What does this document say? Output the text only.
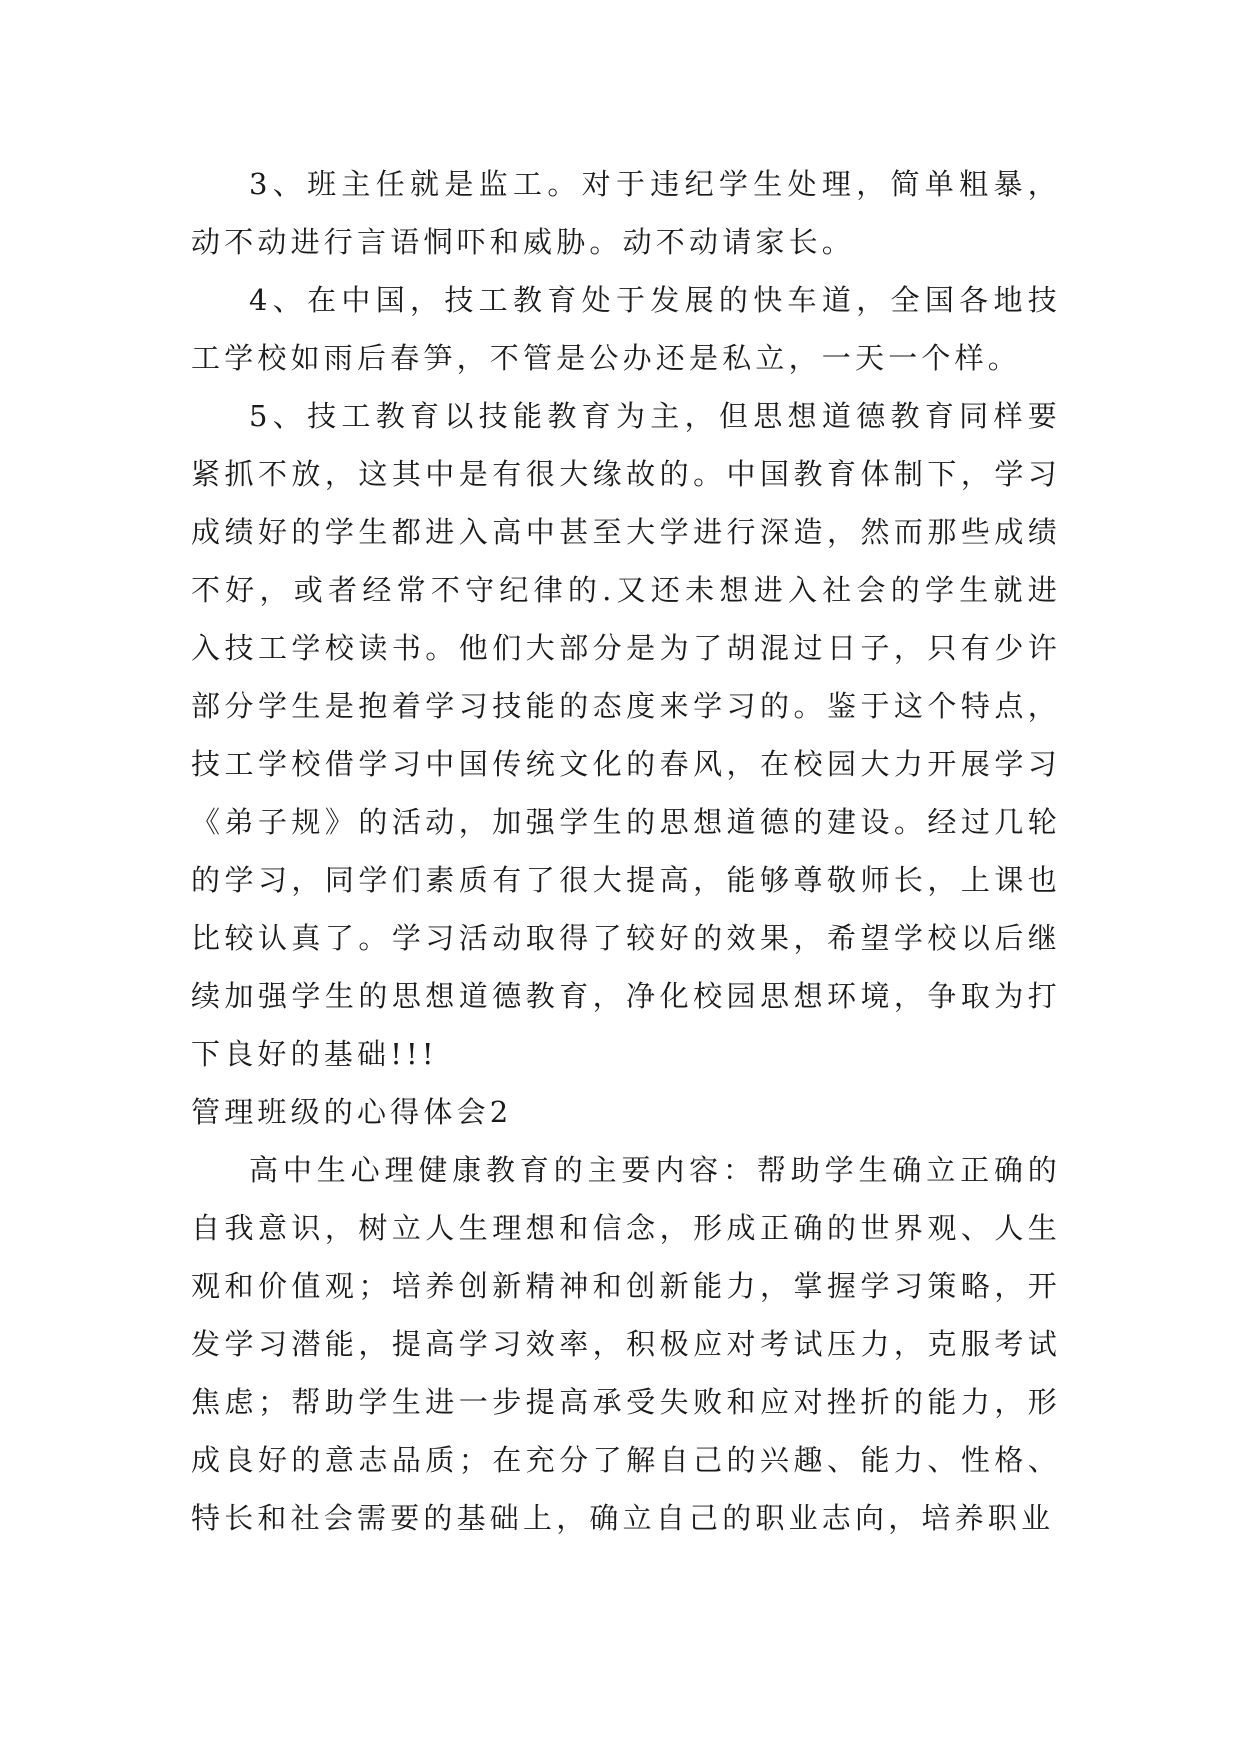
3、班主任就是监工。对于违纪学生处理，简单粗暴，动不动进行言语恫吓和威胁。动不动请家长。

4、在中国，技工教育处于发展的快车道，全国各地技工学校如雨后春笋，不管是公办还是私立，一天一个样。

5、技工教育以技能教育为主，但思想道德教育同样要紧抓不放，这其中是有很大缘故的。中国教育体制下，学习成绩好的学生都进入高中甚至大学进行深造，然而那些成绩不好，或者经常不守纪律的.又还未想进入社会的学生就进入技工学校读书。他们大部分是为了胡混过日子，只有少许部分学生是抱着学习技能的态度来学习的。鉴于这个特点，技工学校借学习中国传统文化的春风，在校园大力开展学习《弟子规》的活动，加强学生的思想道德的建设。经过几轮的学习，同学们素质有了很大提高，能够尊敬师长，上课也比较认真了。学习活动取得了较好的效果，希望学校以后继续加强学生的思想道德教育，净化校园思想环境，争取为打下良好的基础!!!

管理班级的心得体会2

高中生心理健康教育的主要内容：帮助学生确立正确的自我意识，树立人生理想和信念，形成正确的世界观、人生观和价值观；培养创新精神和创新能力，掌握学习策略，开发学习潜能，提高学习效率，积极应对考试压力，克服考试焦虑；帮助学生进一步提高承受失败和应对挫折的能力，形成良好的意志品质；在充分了解自己的兴趣、能力、性格、特长和社会需要的基础上，确立自己的职业志向，培养职业
